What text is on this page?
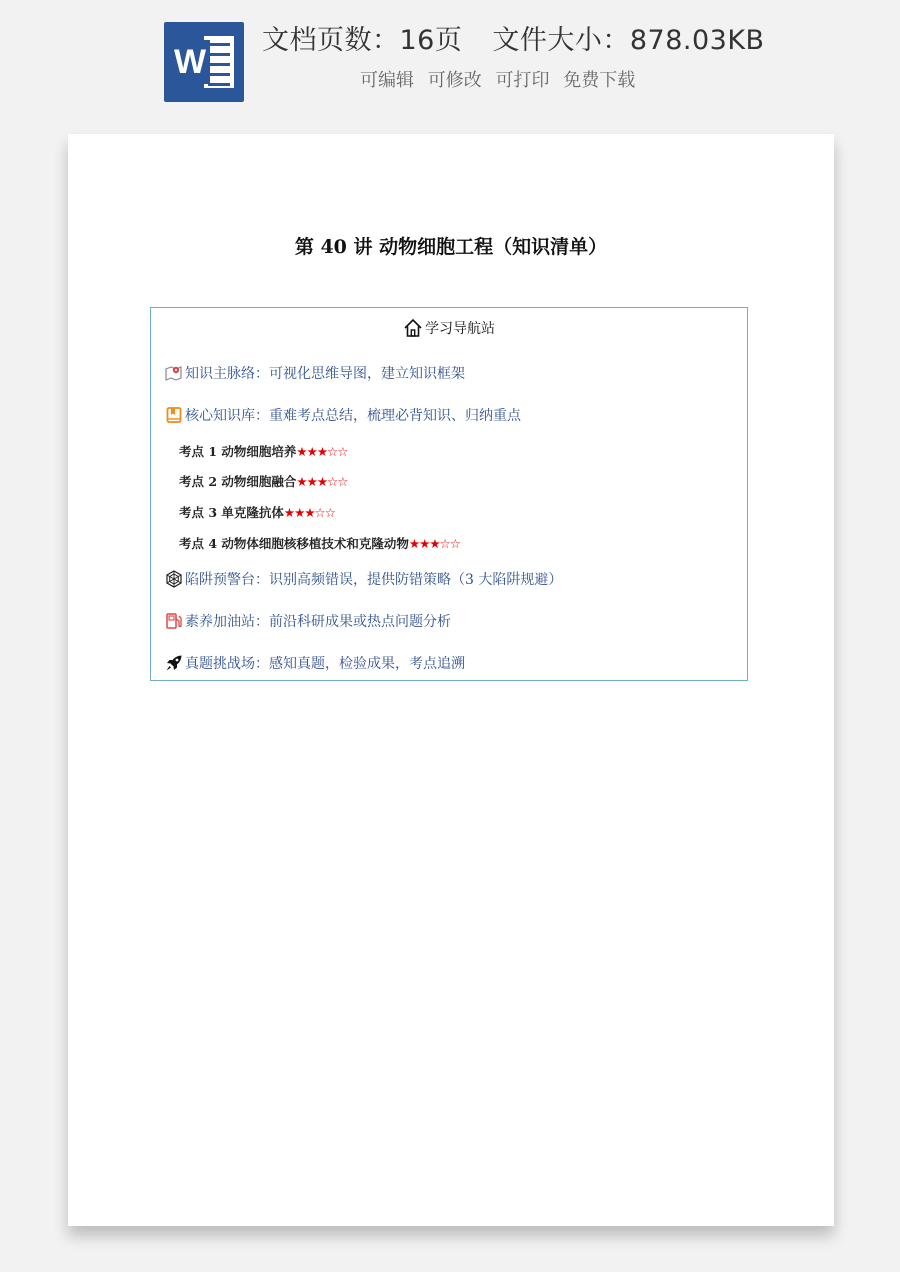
W
文档页数：16页 文件大小：878.03KB
可编辑 可修改 可打印 免费下载
第 40 讲 动物细胞工程（知识清单）
学习导航站
知识主脉络：可视化思维导图，建立知识框架
核心知识库：重难考点总结，梳理必背知识、归纳重点
考点 1 动物细胞培养★★★☆☆
考点 2 动物细胞融合★★★☆☆
考点 3 单克隆抗体★★★☆☆
考点 4 动物体细胞核移植技术和克隆动物★★★☆☆
陷阱预警台：识别高频错误，提供防错策略（3 大陷阱规避）
素养加油站：前沿科研成果或热点问题分析
真题挑战场：感知真题，检验成果，考点追溯
